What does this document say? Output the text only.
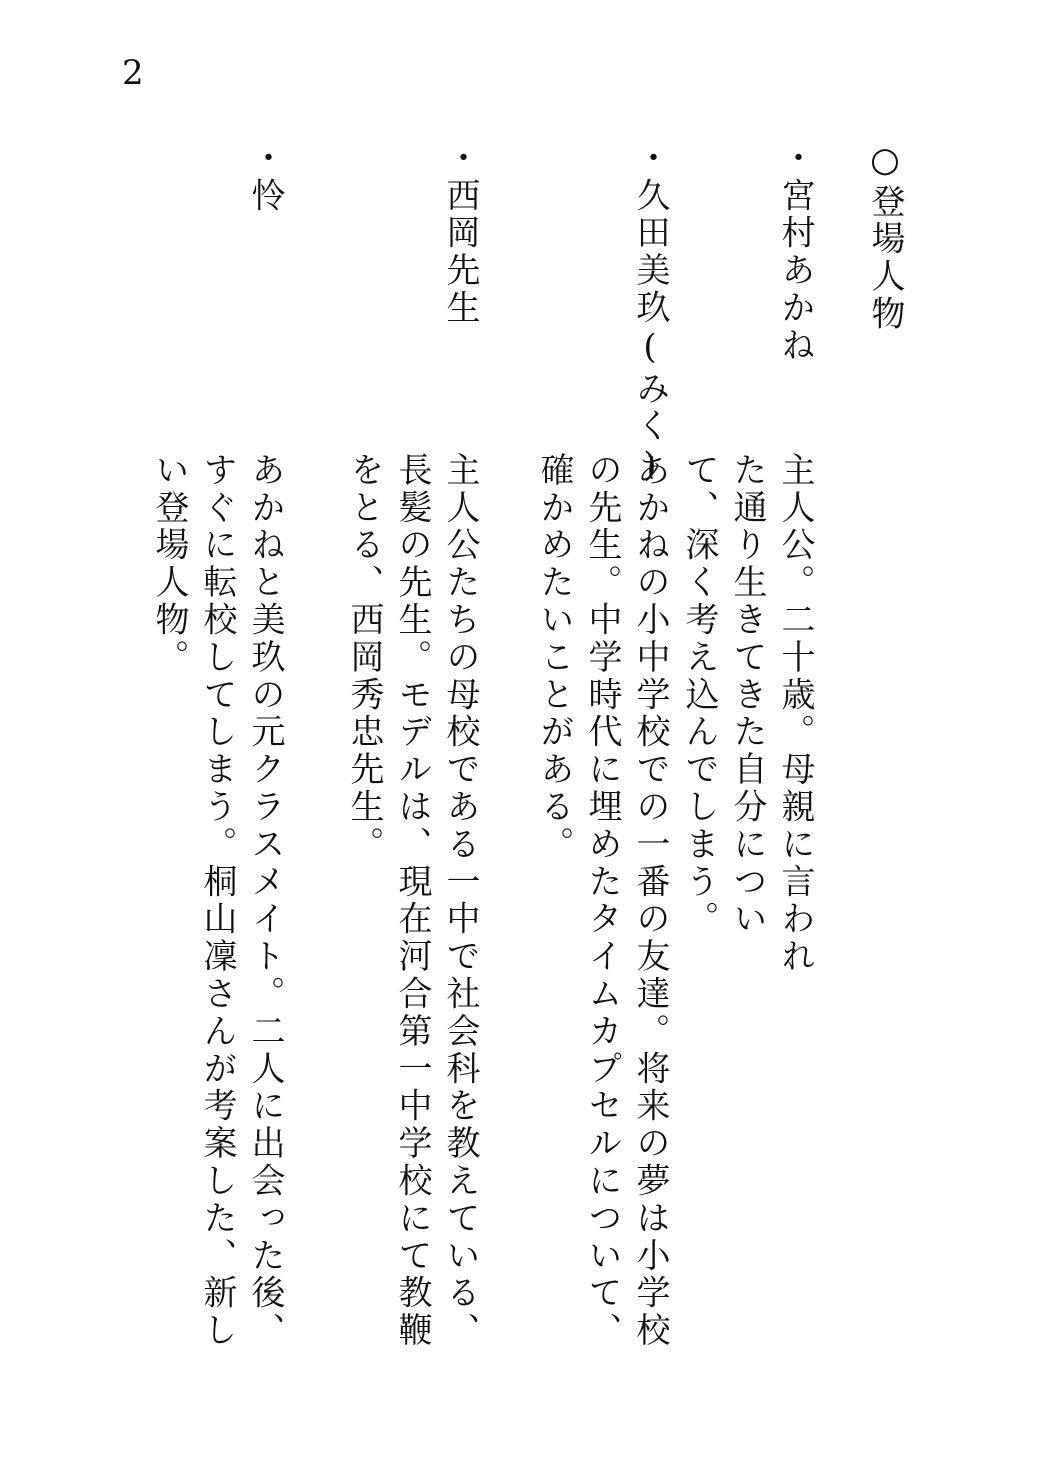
2
○登場人物
・宮村あかね
主人公。二十歳。母親に言われた通り生きてきた自分について、深く考え込んでしまう。
・久田美玖(みく)
あかねの小中学校での一番の友達。将来の夢は小学校の先生。中学時代に埋めたタイムカプセルについて、確かめたいことがある。
・西岡先生
主人公たちの母校である一中で社会科を教えている、長髪の先生。モデルは、現在河合第一中学校にて教鞭をとる、西岡秀忠先生。
・怜
あかねと美玖の元クラスメイト。二人に出会った後、すぐに転校してしまう。桐山凜さんが考案した、新しい登場人物。
